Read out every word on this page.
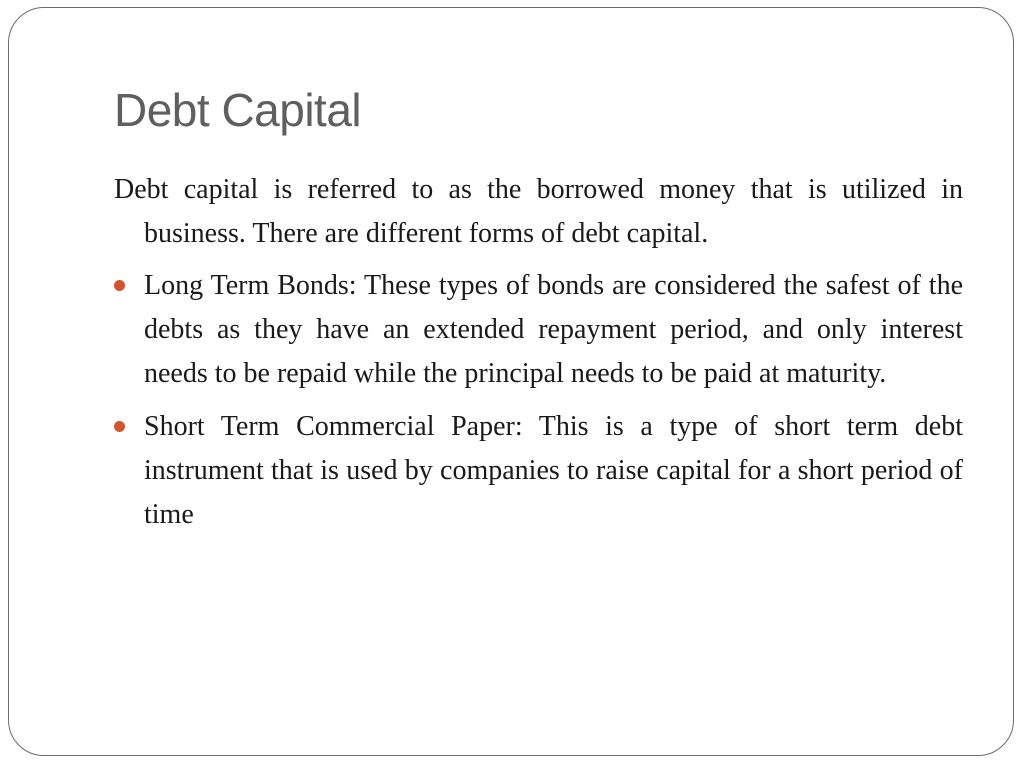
Debt Capital

Debt capital is referred to as the borrowed money that is utilized in business. There are different forms of debt capital.

Long Term Bonds: These types of bonds are considered the safest of the debts as they have an extended repayment period, and only interest needs to be repaid while the principal needs to be paid at maturity.
Short Term Commercial Paper: This is a type of short term debt instrument that is used by companies to raise capital for a short period of time
